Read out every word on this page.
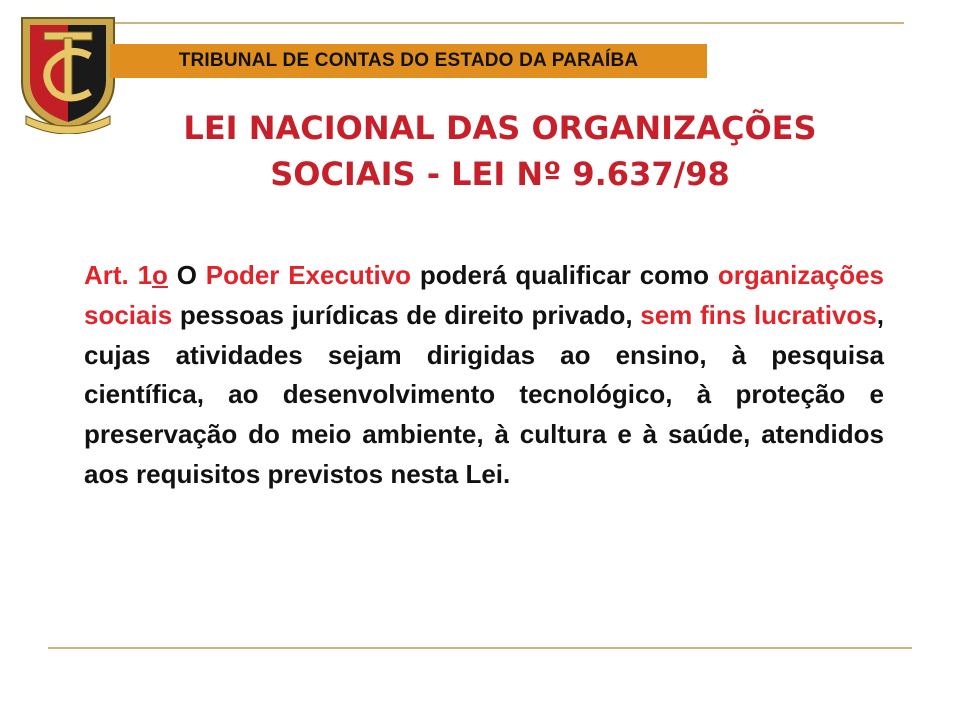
TRIBUNAL DE CONTAS DO ESTADO DA PARAÍBA
LEI NACIONAL DAS ORGANIZAÇÕES
SOCIAIS - LEI Nº 9.637/98
Art. 1o O Poder Executivo poderá qualificar como organizações sociais pessoas jurídicas de direito privado, sem fins lucrativos, cujas atividades sejam dirigidas ao ensino, à pesquisa científica, ao desenvolvimento tecnológico, à proteção e preservação do meio ambiente, à cultura e à saúde, atendidos aos requisitos previstos nesta Lei.
